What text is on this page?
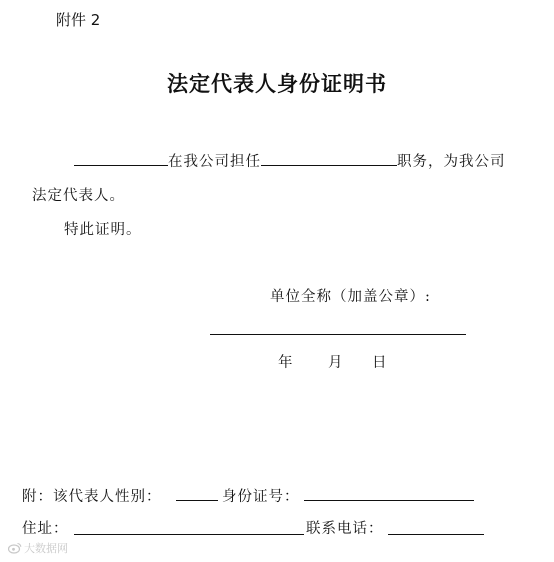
附件 2
法定代表人身份证明书
在我公司担任	职务，为我公司
法定代表人。
特此证明。
单位全称（加盖公章）:
年 月 日
附：该代表人性别：	身份证号：
住址：	联系电话：
大数据网
